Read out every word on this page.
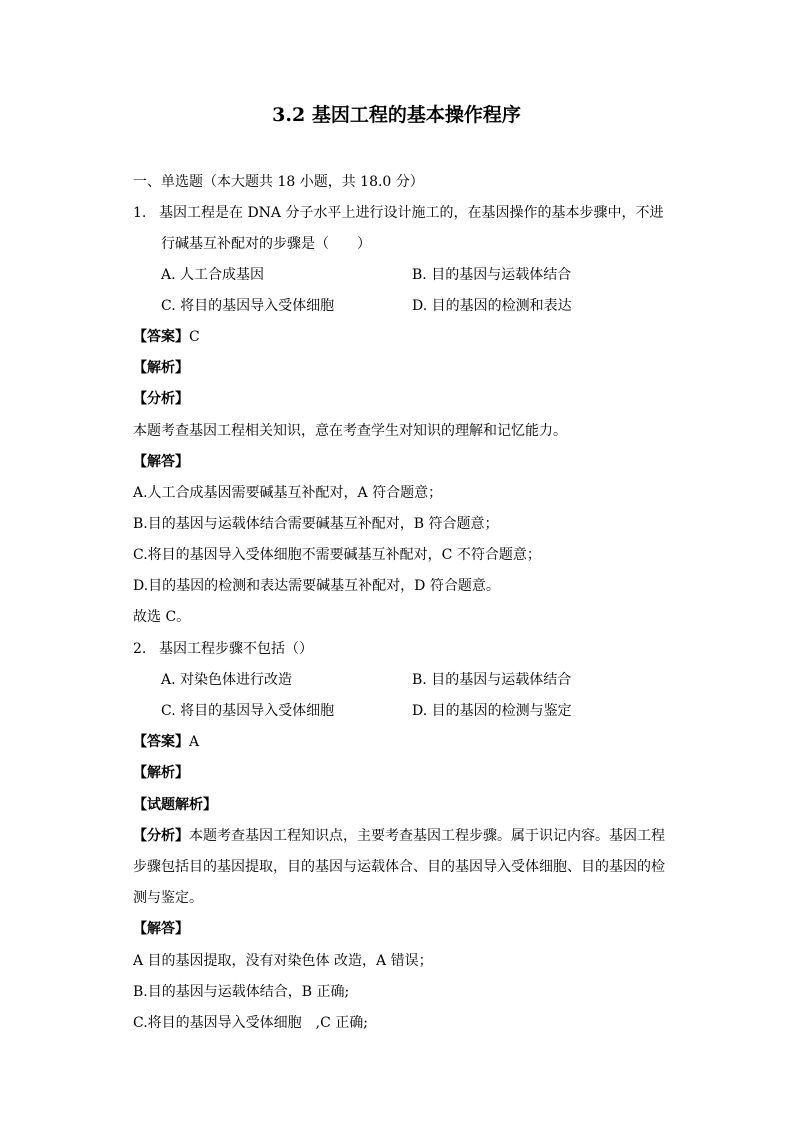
3.2 基因工程的基本操作程序
一、单选题（本大题共 18 小题，共 18.0 分）
1. 基因工程是在 DNA 分子水平上进行设计施工的，在基因操作的基本步骤中，不进
行碱基互补配对的步骤是（　　）
A. 人工合成基因	B. 目的基因与运载体结合
C. 将目的基因导入受体细胞	D. 目的基因的检测和表达
【答案】C
【解析】
【分析】
本题考查基因工程相关知识，意在考查学生对知识的理解和记忆能力。
【解答】
A.人工合成基因需要碱基互补配对，A 符合题意；
B.目的基因与运载体结合需要碱基互补配对，B 符合题意；
C.将目的基因导入受体细胞不需要碱基互补配对，C 不符合题意；
D.目的基因的检测和表达需要碱基互补配对，D 符合题意。
故选 C。
2. 基因工程步骤不包括（）
A. 对染色体进行改造	B. 目的基因与运载体结合
C. 将目的基因导入受体细胞	D. 目的基因的检测与鉴定
【答案】A
【解析】
【试题解析】
【分析】本题考查基因工程知识点，主要考查基因工程步骤。属于识记内容。基因工程
步骤包括目的基因提取，目的基因与运载体合、目的基因导入受体细胞、目的基因的检
测与鉴定。
【解答】
A 目的基因提取，没有对染色体 改造，A 错误；
B.目的基因与运载体结合，B 正确;
C.将目的基因导入受体细胞　,C 正确;
